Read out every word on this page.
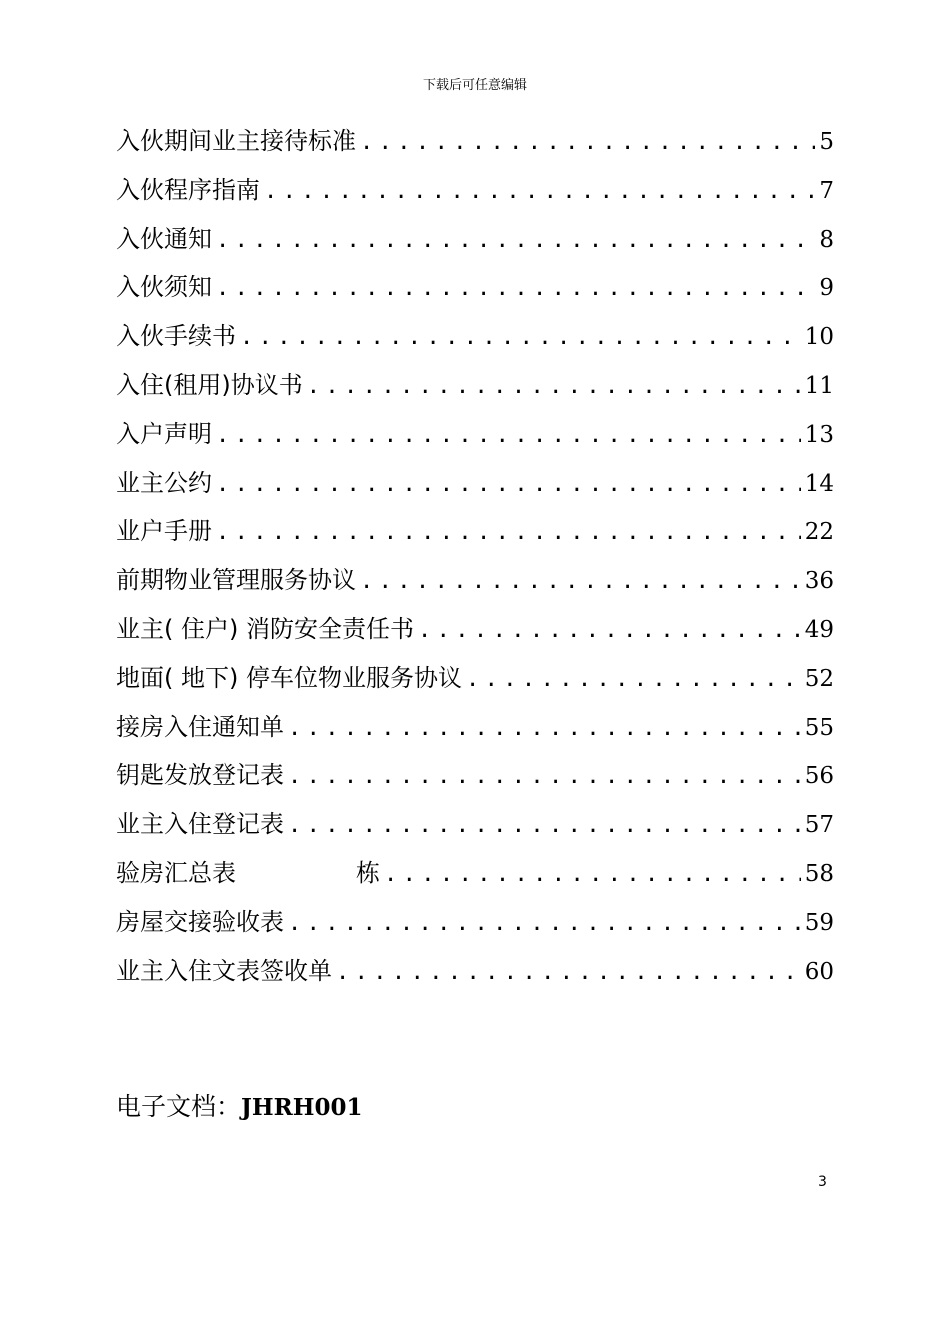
下载后可任意编辑
入伙期间业主接待标准 .....	5
入伙程序指南 .....	7
入伙通知 .....	8
入伙须知 .....	9
入伙手续书 .....	10
入住(租用)协议书 .....	11
入户声明 .....	13
业主公约 .....	14
业户手册 .....	22
前期物业管理服务协议 .....	36
业主( 住户) 消防安全责任书 .....	49
地面( 地下) 停车位物业服务协议 .....	52
接房入住通知单 .....	55
钥匙发放登记表 .....	56
业主入住登记表 .....	57
验房汇总表	栋 .....	58
房屋交接验收表 .....	59
业主入住文表签收单 .....	60
电子文档：JHRH001
3
